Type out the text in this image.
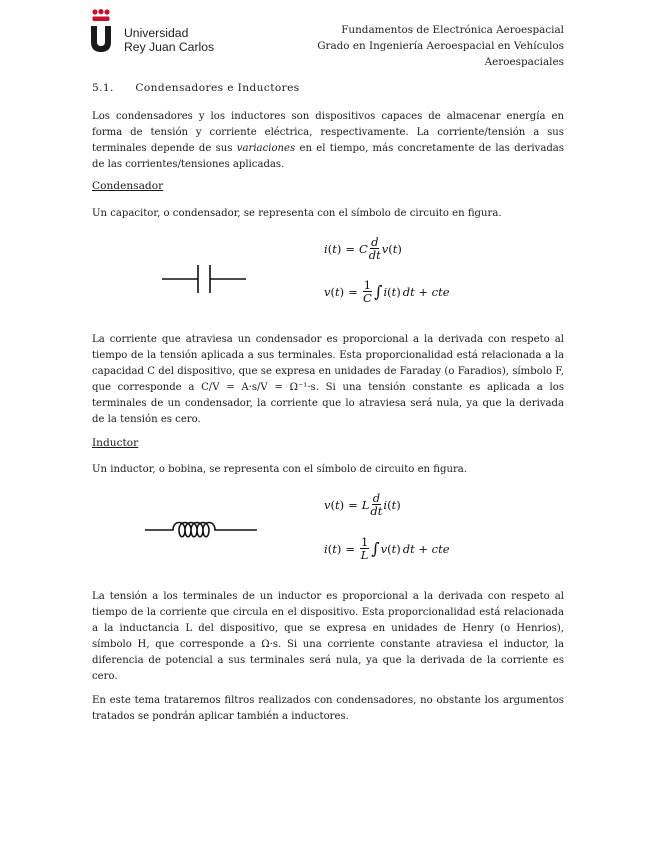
Universidad
Rey Juan Carlos
Fundamentos de Electrónica Aeroespacial
Grado en Ingeniería Aeroespacial en Vehículos
Aeroespaciales
5.1. Condensadores e Inductores
Los condensadores y los inductores son dispositivos capaces de almacenar energía en forma de tensión y corriente eléctrica, respectivamente. La corriente/tensión a sus terminales depende de sus variaciones en el tiempo, más concretamente de las derivadas de las corrientes/tensiones aplicadas.
Condensador
Un capacitor, o condensador, se representa con el símbolo de circuito en figura.
i ( t ) = C $\frac{d}{dt}$ v ( t )
v ( t ) = $\frac{1}{C}$ ∫ i ( t ) dt + cte
La corriente que atraviesa un condensador es proporcional a la derivada con respeto al tiempo de la tensión aplicada a sus terminales. Esta proporcionalidad está relacionada a la capacidad C del dispositivo, que se expresa en unidades de Faraday (o Faradios), símbolo F, que corresponde a C/V = A·s/V = Ω⁻¹·s. Si una tensión constante es aplicada a los terminales de un condensador, la corriente que lo atraviesa será nula, ya que la derivada de la tensión es cero.
Inductor
Un inductor, o bobina, se representa con el símbolo de circuito en figura.
v ( t ) = L $\frac{d}{dt}$ i ( t )
i ( t ) = $\frac{1}{L}$ ∫ v ( t ) dt + cte
La tensión a los terminales de un inductor es proporcional a la derivada con respeto al tiempo de la corriente que circula en el dispositivo. Esta proporcionalidad está relacionada a la inductancia L del dispositivo, que se expresa en unidades de Henry (o Henrios), símbolo H, que corresponde a Ω·s. Si una corriente constante atraviesa el inductor, la diferencia de potencial a sus terminales será nula, ya que la derivada de la corriente es cero.
En este tema trataremos filtros realizados con condensadores, no obstante los argumentos tratados se pondrán aplicar también a inductores.
